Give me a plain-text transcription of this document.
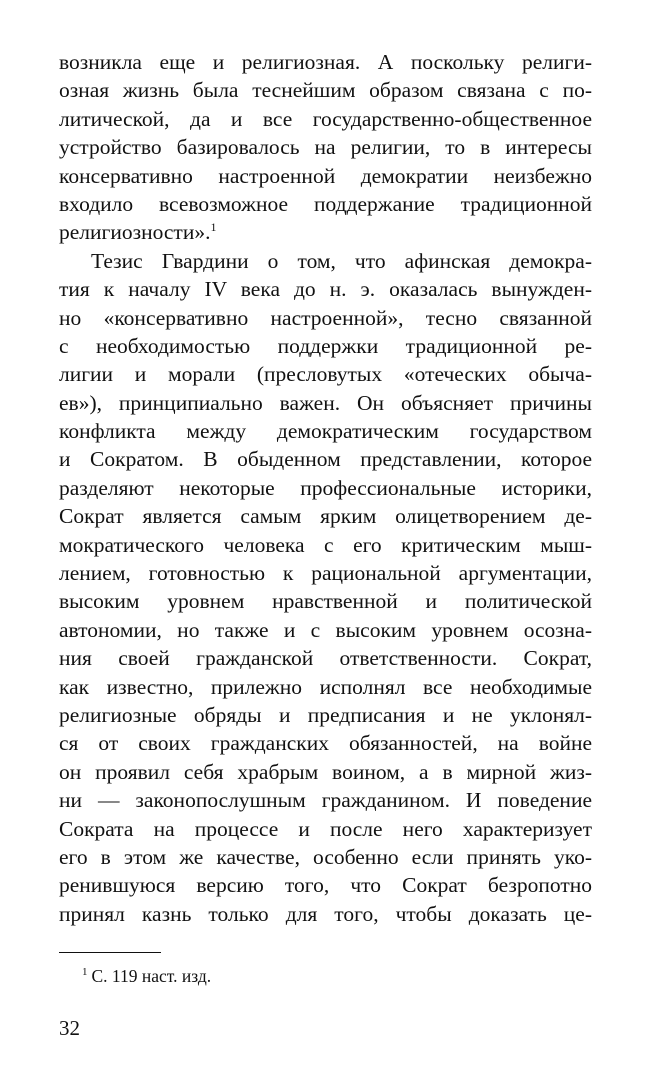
возникла еще и религиозная. А поскольку религи-
озная жизнь была теснейшим образом связана с по-
литической, да и все государственно-общественное
устройство базировалось на религии, то в интересы
консервативно настроенной демократии неизбежно
входило всевозможное поддержание традиционной
религиозности».$^1$
Тезис Гвардини о том, что афинская демокра-
тия к началу IV века до н. э. оказалась вынужден-
но «консервативно настроенной», тесно связанной
с необходимостью поддержки традиционной ре-
лигии и морали (пресловутых «отеческих обыча-
ев»), принципиально важен. Он объясняет причины
конфликта между демократическим государством
и Сократом. В обыденном представлении, которое
разделяют некоторые профессиональные историки,
Сократ является самым ярким олицетворением де-
мократического человека с его критическим мыш-
лением, готовностью к рациональной аргументации,
высоким уровнем нравственной и политической
автономии, но также и с высоким уровнем осозна-
ния своей гражданской ответственности. Сократ,
как известно, прилежно исполнял все необходимые
религиозные обряды и предписания и не уклонял-
ся от своих гражданских обязанностей, на войне
он проявил себя храбрым воином, а в мирной жиз-
ни — законопослушным гражданином. И поведение
Сократа на процессе и после него характеризует
его в этом же качестве, особенно если принять уко-
ренившуюся версию того, что Сократ безропотно
принял казнь только для того, чтобы доказать це-
$^1$ С. 119 наст. изд.
32
